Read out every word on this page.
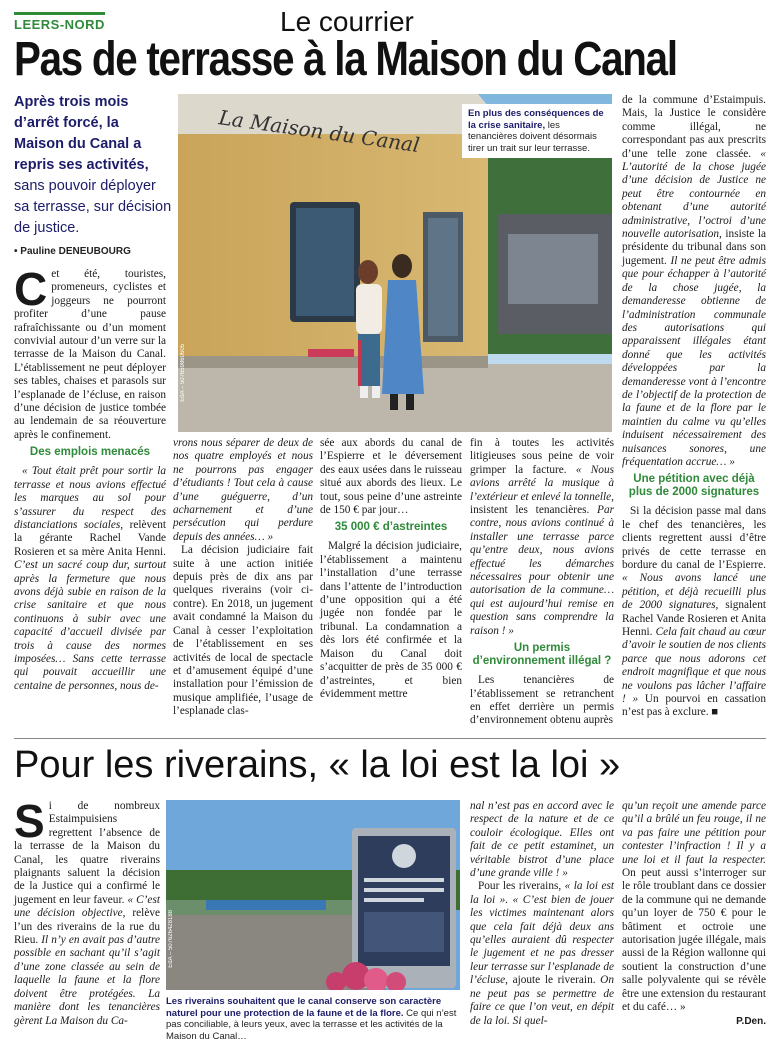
LEERS-NORD	Le courrier
Pas de terrasse à la Maison du Canal
Après trois mois d’arrêt forcé, la Maison du Canal a repris ses activités, sans pouvoir déployer sa terrasse, sur décision de justice.
• Pauline DENEUBOURG
La Maison du Canal
EdA – 507659860605
En plus des conséquences de la crise sanitaire, les tenancières doivent désormais tirer un trait sur leur terrasse.

Cet été, touristes, promeneurs, cyclistes et joggeurs ne pourront profiter d’une pause rafraîchissante ou d’un moment convivial autour d’un verre sur la terrasse de la Maison du Canal. L’établissement ne peut déployer ses tables, chaises et parasols sur l’esplanade de l’écluse, en raison d’une décision de justice tombée au lendemain de sa réouverture après le confinement.

Des emplois menacés

« Tout était prêt pour sortir la terrasse et nous avions effectué les marques au sol pour s’assurer du respect des distanciations sociales, relèvent la gérante Rachel Vande Rosieren et sa mère Anita Henni. C’est un sacré coup dur, surtout après la fermeture que nous avons déjà subie en raison de la crise sanitaire et que nous continuons à subir avec une capacité d’accueil divisée par trois à cause des normes imposées… Sans cette terrasse qui pouvait accueillir une centaine de personnes, nous de-

vrons nous séparer de deux de nos quatre employés et nous ne pourrons pas engager d’étudiants ! Tout cela à cause d’une guéguerre, d’un acharnement et d’une persécution qui perdure depuis des années… »

La décision judiciaire fait suite à une action initiée depuis près de dix ans par quelques riverains (voir ci-contre). En 2018, un jugement avait condamné la Maison du Canal à cesser l’exploitation de l’établissement en ses activités de local de spectacle et d’amusement équipé d’une installation pour l’émission de musique amplifiée, l’usage de l’esplanade clas-

sée aux abords du canal de l’Espierre et le déversement des eaux usées dans le ruisseau situé aux abords des lieux. Le tout, sous peine d’une astreinte de 150 € par jour…

35 000 € d’astreintes

Malgré la décision judiciaire, l’établissement a maintenu l’installation d’une terrasse dans l’attente de l’introduction d’une opposition qui a été jugée non fondée par le tribunal. La condamnation a dès lors été confirmée et la Maison du Canal doit s’acquitter de près de 35 000 € d’astreintes, et bien évidemment mettre

fin à toutes les activités litigieuses sous peine de voir grimper la facture. « Nous avions arrêté la musique à l’extérieur et enlevé la tonnelle, insistent les tenancières. Par contre, nous avions continué à installer une terrasse parce qu’entre deux, nous avions effectué les démarches nécessaires pour obtenir une autorisation de la commune… qui est aujourd’hui remise en question sans comprendre la raison ! »

Un permis d’environnement illégal ?

Les tenancières de l’établissement se retranchent en effet derrière un permis d’environnement obtenu auprès

de la commune d’Estaimpuis. Mais, la Justice le considère comme illégal, ne correspondant pas aux prescrits d’une telle zone classée. « L’autorité de la chose jugée d’une décision de Justice ne peut être contournée en obtenant d’une autorité administrative, l’octroi d’une nouvelle autorisation, insiste la présidente du tribunal dans son jugement. Il ne peut être admis que pour échapper à l’autorité de la chose jugée, la demanderesse obtienne de l’administration communale des autorisations qui apparaissent illégales étant donné que les activités développées par la demanderesse vont à l’encontre de l’objectif de la protection de la faune et de la flore par le maintien du calme vu qu’elles induisent nécessairement des nuisances sonores, une fréquentation accrue… »

Une pétition avec déjà plus de 2000 signatures

Si la décision passe mal dans le chef des tenancières, les clients regrettent aussi d’être privés de cette terrasse en bordure du canal de l’Espierre. « Nous avons lancé une pétition, et déjà recueilli plus de 2000 signatures, signalent Rachel Vande Rosieren et Anita Henni. Cela fait chaud au cœur d’avoir le soutien de nos clients parce que nous adorons cet endroit magnifique et que nous ne voulons pas lâcher l’affaire ! » Un pourvoi en cassation n’est pas à exclure. ■

Pour les riverains, « la loi est la loi »

Si de nombreux Estaimpuisiens regrettent l’absence de la terrasse de la Maison du Canal, les quatre riverains plaignants saluent la décision de la Justice qui a confirmé le jugement en leur faveur. « C’est une décision objective, relève l’un des riverains de la rue du Rieu. Il n’y en avait pas d’autre possible en sachant qu’il s’agit d’une zone classée au sein de laquelle la faune et la flore doivent être protégées. La manière dont les tenancières gèrent La Maison du Ca-

EdA – 507626428188
Les riverains souhaitent que le canal conserve son caractère naturel pour une protection de la faune et de la flore. Ce qui n’est pas conciliable, à leurs yeux, avec la terrasse et les activités de la Maison du Canal…

nal n’est pas en accord avec le respect de la nature et de ce couloir écologique. Elles ont fait de ce petit estaminet, un véritable bistrot d’une place d’une grande ville ! »

Pour les riverains, « la loi est la loi ». « C’est bien de jouer les victimes maintenant alors que cela fait déjà deux ans qu’elles auraient dû respecter le jugement et ne pas dresser leur terrasse sur l’esplanade de l’écluse, ajoute le riverain. On ne peut pas se permettre de faire ce que l’on veut, en dépit de la loi. Si quel-

qu’un reçoit une amende parce qu’il a brûlé un feu rouge, il ne va pas faire une pétition pour contester l’infraction ! Il y a une loi et il faut la respecter. On peut aussi s’interroger sur le rôle troublant dans ce dossier de la commune qui ne demande qu’un loyer de 750 € pour le bâtiment et octroie une autorisation jugée illégale, mais aussi de la Région wallonne qui soutient la construction d’une salle polyvalente qui se révèle être une extension du restaurant et du café… »

P.Den.
